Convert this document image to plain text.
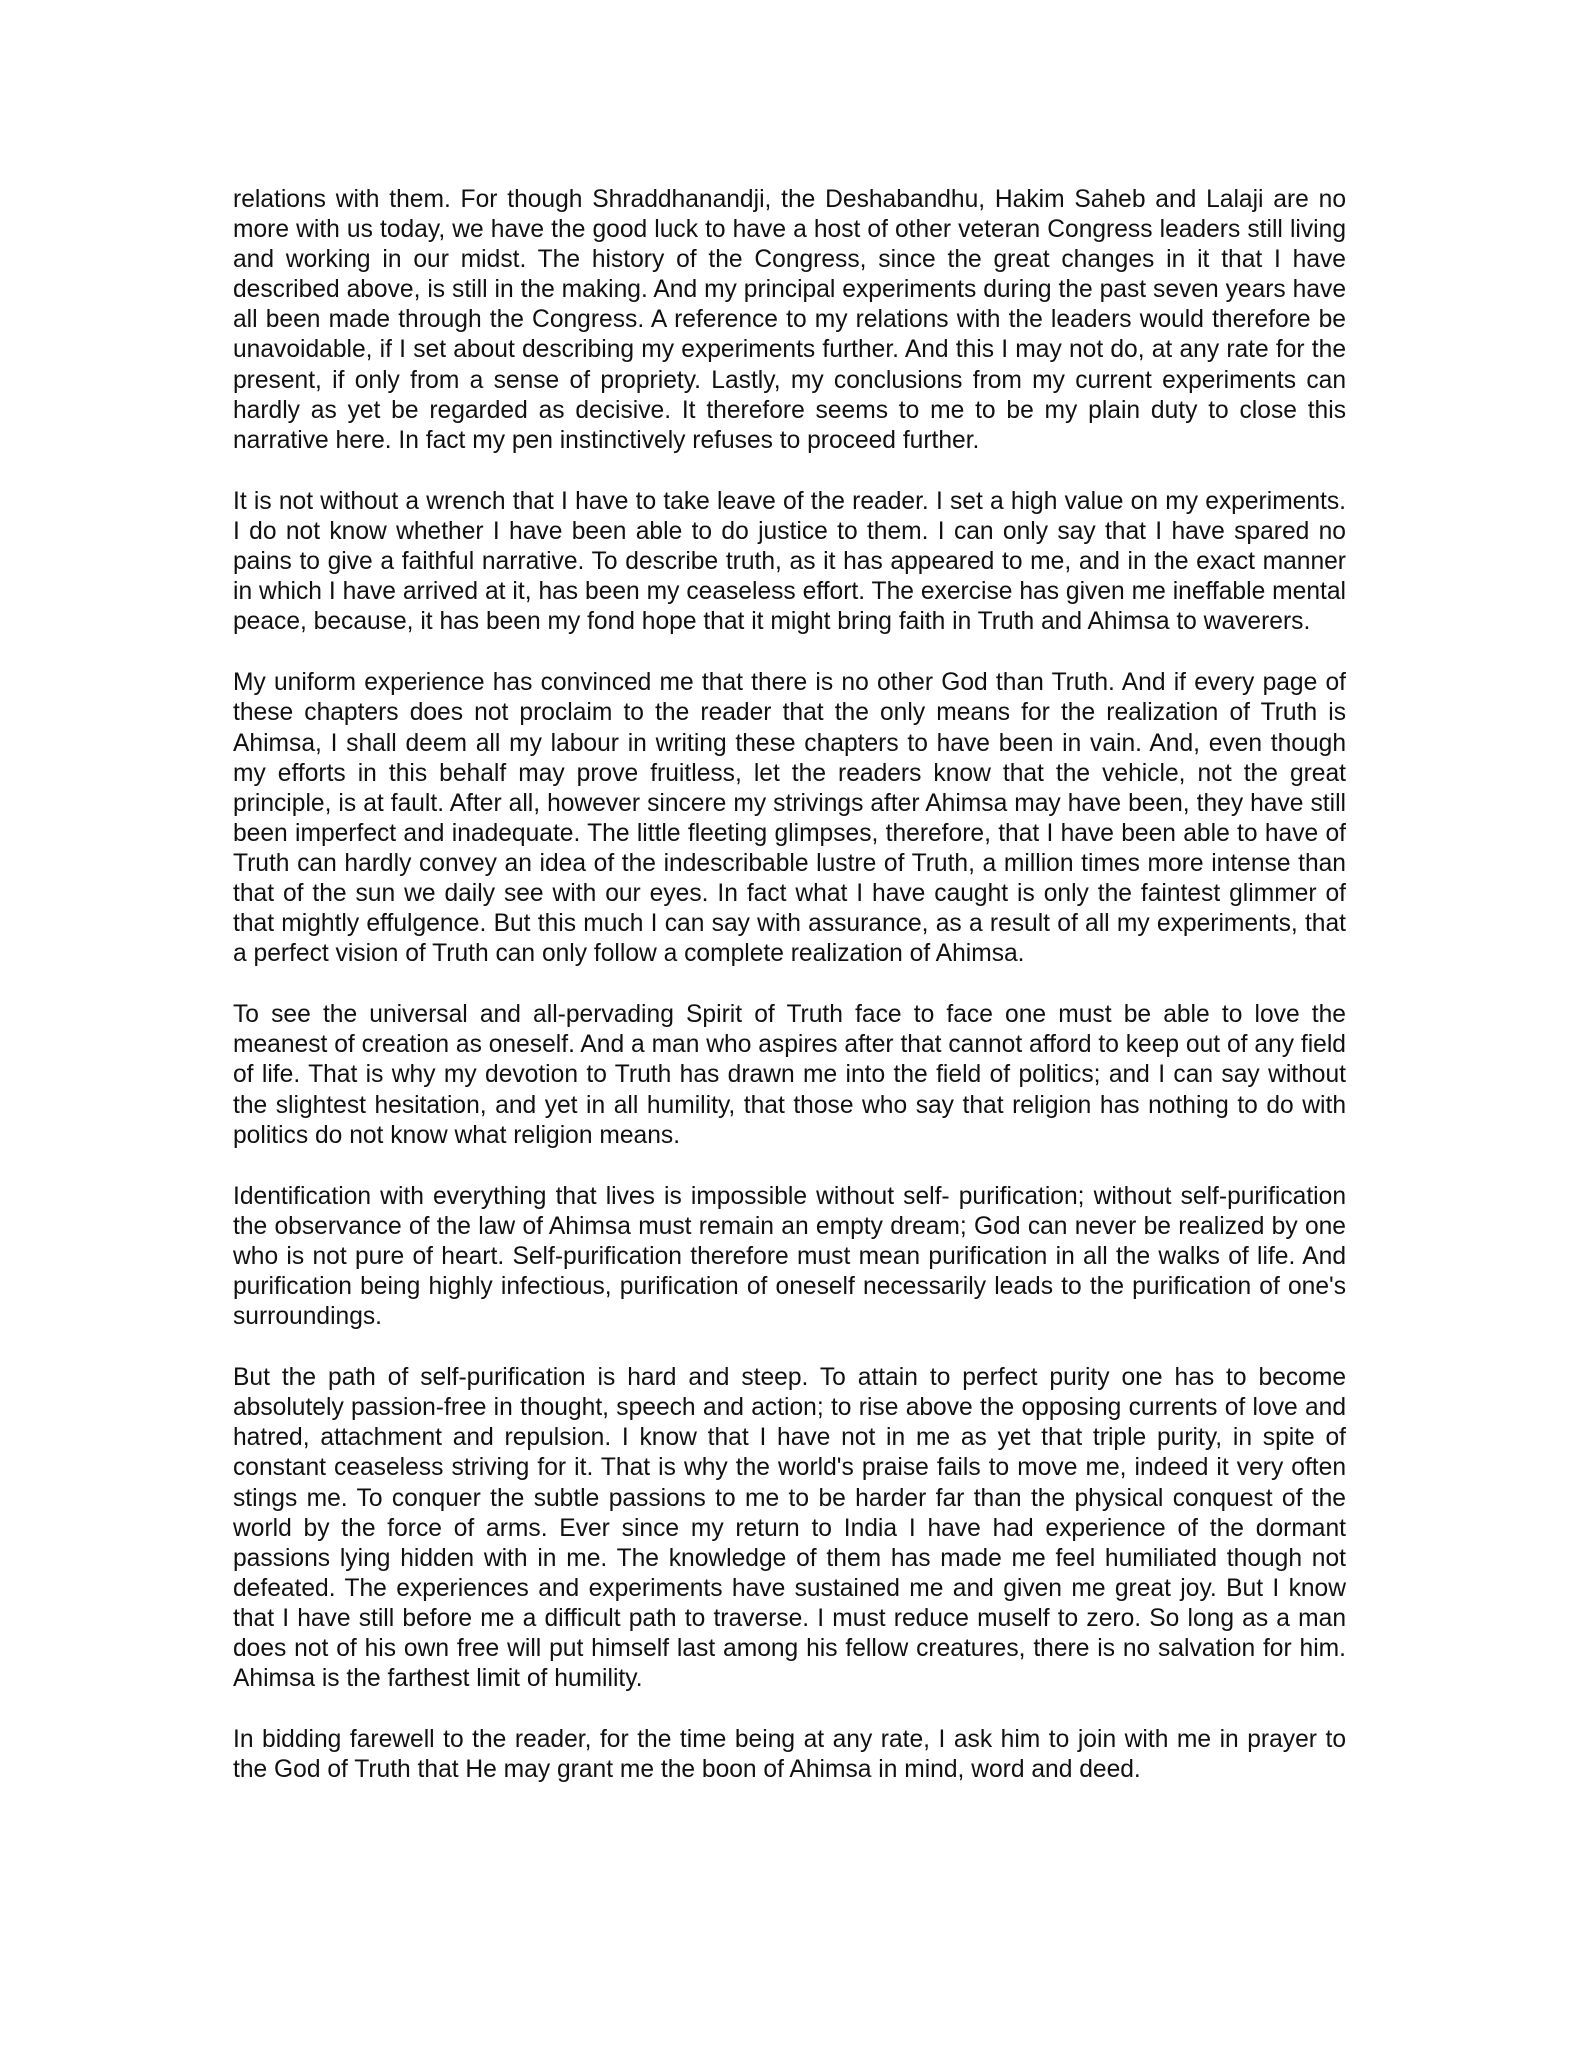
relations with them. For though Shraddhanandji, the Deshabandhu, Hakim Saheb and Lalaji are no more with us today, we have the good luck to have a host of other veteran Congress leaders still living and working in our midst. The history of the Congress, since the great changes in it that I have described above, is still in the making. And my principal experiments during the past seven years have all been made through the Congress. A reference to my relations with the leaders would therefore be unavoidable, if I set about describing my experiments further. And this I may not do, at any rate for the present, if only from a sense of propriety. Lastly, my conclusions from my current experiments can hardly as yet be regarded as decisive. It therefore seems to me to be my plain duty to close this narrative here. In fact my pen instinctively refuses to proceed further.

It is not without a wrench that I have to take leave of the reader. I set a high value on my experiments. I do not know whether I have been able to do justice to them. I can only say that I have spared no pains to give a faithful narrative. To describe truth, as it has appeared to me, and in the exact manner in which I have arrived at it, has been my ceaseless effort. The exercise has given me ineffable mental peace, because, it has been my fond hope that it might bring faith in Truth and Ahimsa to waverers.

My uniform experience has convinced me that there is no other God than Truth. And if every page of these chapters does not proclaim to the reader that the only means for the realization of Truth is Ahimsa, I shall deem all my labour in writing these chapters to have been in vain. And, even though my efforts in this behalf may prove fruitless, let the readers know that the vehicle, not the great principle, is at fault. After all, however sincere my strivings after Ahimsa may have been, they have still been imperfect and inadequate. The little fleeting glimpses, therefore, that I have been able to have of Truth can hardly convey an idea of the indescribable lustre of Truth, a million times more intense than that of the sun we daily see with our eyes. In fact what I have caught is only the faintest glimmer of that mightly effulgence. But this much I can say with assurance, as a result of all my experiments, that a perfect vision of Truth can only follow a complete realization of Ahimsa.

To see the universal and all-pervading Spirit of Truth face to face one must be able to love the meanest of creation as oneself. And a man who aspires after that cannot afford to keep out of any field of life. That is why my devotion to Truth has drawn me into the field of politics; and I can say without the slightest hesitation, and yet in all humility, that those who say that religion has nothing to do with politics do not know what religion means.

Identification with everything that lives is impossible without self- purification; without self-purification the observance of the law of Ahimsa must remain an empty dream; God can never be realized by one who is not pure of heart. Self-purification therefore must mean purification in all the walks of life. And purification being highly infectious, purification of oneself necessarily leads to the purification of one's surroundings.

But the path of self-purification is hard and steep. To attain to perfect purity one has to become absolutely passion-free in thought, speech and action; to rise above the opposing currents of love and hatred, attachment and repulsion. I know that I have not in me as yet that triple purity, in spite of constant ceaseless striving for it. That is why the world's praise fails to move me, indeed it very often stings me. To conquer the subtle passions to me to be harder far than the physical conquest of the world by the force of arms. Ever since my return to India I have had experience of the dormant passions lying hidden with in me. The knowledge of them has made me feel humiliated though not defeated. The experiences and experiments have sustained me and given me great joy. But I know that I have still before me a difficult path to traverse. I must reduce muself to zero. So long as a man does not of his own free will put himself last among his fellow creatures, there is no salvation for him. Ahimsa is the farthest limit of humility.

In bidding farewell to the reader, for the time being at any rate, I ask him to join with me in prayer to the God of Truth that He may grant me the boon of Ahimsa in mind, word and deed.
